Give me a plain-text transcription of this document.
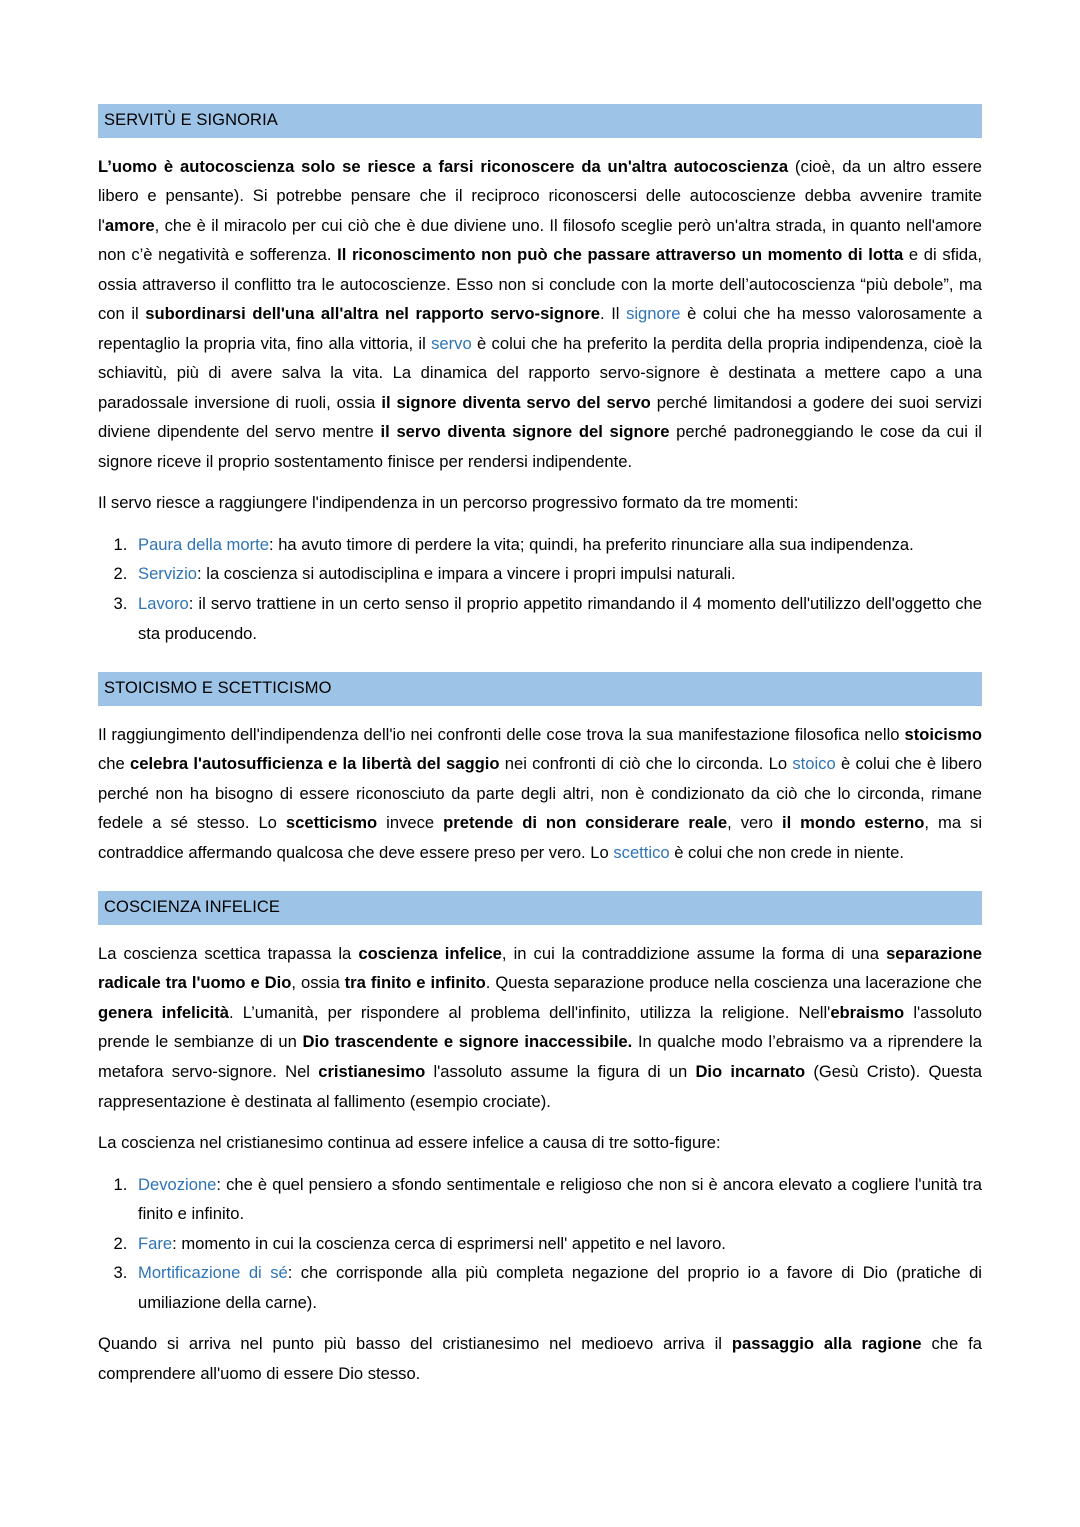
SERVITÙ E SIGNORIA

L’uomo è autocoscienza solo se riesce a farsi riconoscere da un'altra autocoscienza (cioè, da un altro essere libero e pensante). Si potrebbe pensare che il reciproco riconoscersi delle autocoscienze debba avvenire tramite l'amore, che è il miracolo per cui ciò che è due diviene uno. Il filosofo sceglie però un'altra strada, in quanto nell'amore non c’è negatività e sofferenza. Il riconoscimento non può che passare attraverso un momento di lotta e di sfida, ossia attraverso il conflitto tra le autocoscienze. Esso non si conclude con la morte dell’autocoscienza “più debole”, ma con il subordinarsi dell'una all'altra nel rapporto servo-signore. Il signore è colui che ha messo valorosamente a repentaglio la propria vita, fino alla vittoria, il servo è colui che ha preferito la perdita della propria indipendenza, cioè la schiavitù, più di avere salva la vita. La dinamica del rapporto servo-signore è destinata a mettere capo a una paradossale inversione di ruoli, ossia il signore diventa servo del servo perché limitandosi a godere dei suoi servizi diviene dipendente del servo mentre il servo diventa signore del signore perché padroneggiando le cose da cui il signore riceve il proprio sostentamento finisce per rendersi indipendente.

Il servo riesce a raggiungere l'indipendenza in un percorso progressivo formato da tre momenti:

1. Paura della morte: ha avuto timore di perdere la vita; quindi, ha preferito rinunciare alla sua indipendenza.
2. Servizio: la coscienza si autodisciplina e impara a vincere i propri impulsi naturali.
3. Lavoro: il servo trattiene in un certo senso il proprio appetito rimandando il 4 momento dell'utilizzo dell'oggetto che sta producendo.
STOICISMO E SCETTICISMO

Il raggiungimento dell'indipendenza dell'io nei confronti delle cose trova la sua manifestazione filosofica nello stoicismo che celebra l'autosufficienza e la libertà del saggio nei confronti di ciò che lo circonda. Lo stoico è colui che è libero perché non ha bisogno di essere riconosciuto da parte degli altri, non è condizionato da ciò che lo circonda, rimane fedele a sé stesso. Lo scetticismo invece pretende di non considerare reale, vero il mondo esterno, ma si contraddice affermando qualcosa che deve essere preso per vero. Lo scettico è colui che non crede in niente.

COSCIENZA INFELICE

La coscienza scettica trapassa la coscienza infelice, in cui la contraddizione assume la forma di una separazione radicale tra l'uomo e Dio, ossia tra finito e infinito. Questa separazione produce nella coscienza una lacerazione che genera infelicità. L’umanità, per rispondere al problema dell'infinito, utilizza la religione. Nell'ebraismo l'assoluto prende le sembianze di un Dio trascendente e signore inaccessibile. In qualche modo l’ebraismo va a riprendere la metafora servo-signore. Nel cristianesimo l'assoluto assume la figura di un Dio incarnato (Gesù Cristo). Questa rappresentazione è destinata al fallimento (esempio crociate).

La coscienza nel cristianesimo continua ad essere infelice a causa di tre sotto-figure:

1. Devozione: che è quel pensiero a sfondo sentimentale e religioso che non si è ancora elevato a cogliere l'unità tra finito e infinito.
2. Fare: momento in cui la coscienza cerca di esprimersi nell' appetito e nel lavoro.
3. Mortificazione di sé: che corrisponde alla più completa negazione del proprio io a favore di Dio (pratiche di umiliazione della carne).

Quando si arriva nel punto più basso del cristianesimo nel medioevo arriva il passaggio alla ragione che fa comprendere all'uomo di essere Dio stesso.
